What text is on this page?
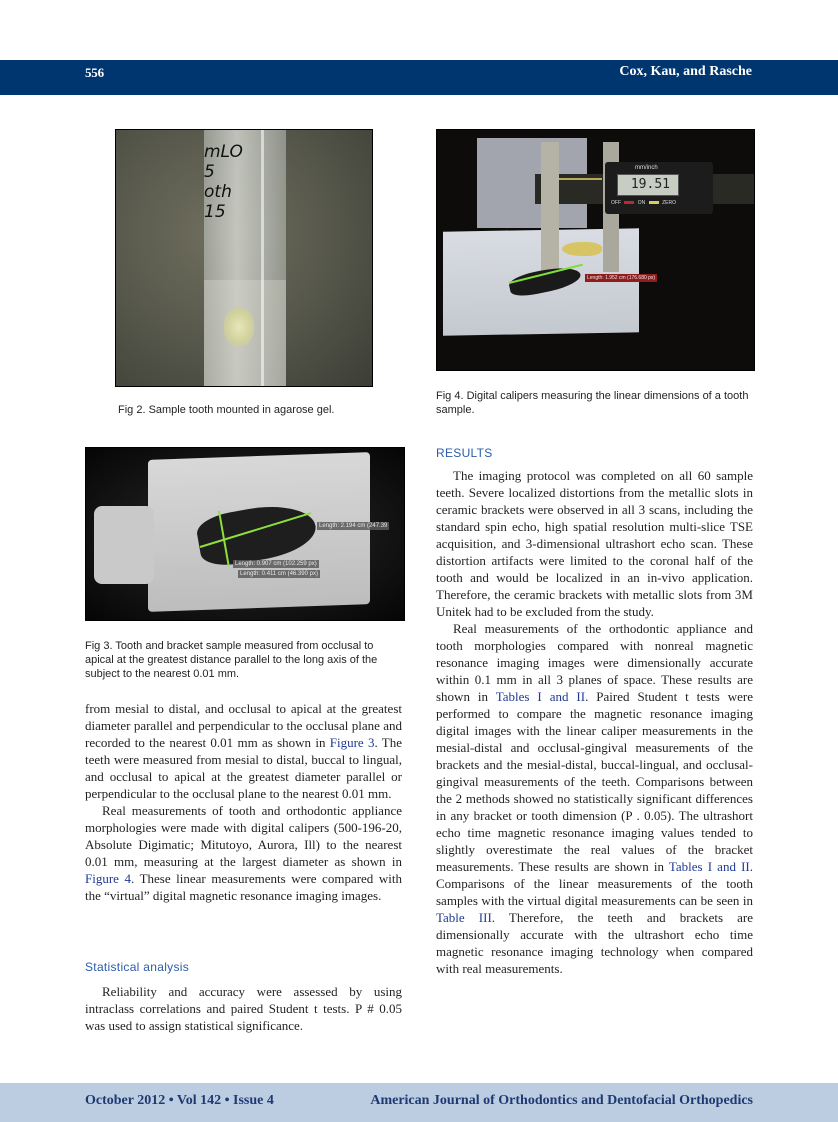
556	Cox, Kau, and Rasche
mLO
5
oth
15
Fig 2. Sample tooth mounted in agarose gel.
mm/inch
19.51
OFF	ON	ZERO
Length: 1.952 cm (176.680 px)
Fig 4. Digital calipers measuring the linear dimensions of a tooth sample.
Length: 2.194 cm (247.39
Length: 0.907 cm (102.259 px)
Length: 0.411 cm (46.390 px)
Fig 3. Tooth and bracket sample measured from occlusal to apical at the greatest distance parallel to the long axis of the subject to the nearest 0.01 mm.

from mesial to distal, and occlusal to apical at the greatest diameter parallel and perpendicular to the occlusal plane and recorded to the nearest 0.01 mm as shown in Figure 3. The teeth were measured from mesial to distal, buccal to lingual, and occlusal to apical at the greatest diameter parallel or perpendicular to the occlusal plane to the nearest 0.01 mm.

Real measurements of tooth and orthodontic appliance morphologies were made with digital calipers (500-196-20, Absolute Digimatic; Mitutoyo, Aurora, Ill) to the nearest 0.01 mm, measuring at the largest diameter as shown in Figure 4. These linear measurements were compared with the “virtual” digital magnetic resonance imaging images.

Statistical analysis

Reliability and accuracy were assessed by using intraclass correlations and paired Student t tests. P # 0.05 was used to assign statistical significance.

RESULTS

The imaging protocol was completed on all 60 sample teeth. Severe localized distortions from the metallic slots in ceramic brackets were observed in all 3 scans, including the standard spin echo, high spatial resolution multi-slice TSE acquisition, and 3-dimensional ultrashort echo scan. These distortion artifacts were limited to the coronal half of the tooth and would be localized in an in-vivo application. Therefore, the ceramic brackets with metallic slots from 3M Unitek had to be excluded from the study.

Real measurements of the orthodontic appliance and tooth morphologies compared with nonreal magnetic resonance imaging images were dimensionally accurate within 0.1 mm in all 3 planes of space. These results are shown in Tables I and II. Paired Student t tests were performed to compare the magnetic resonance imaging digital images with the linear caliper measurements in the mesial-distal and occlusal-gingival measurements of the brackets and the mesial-distal, buccal-lingual, and occlusal-gingival measurements of the teeth. Comparisons between the 2 methods showed no statistically significant differences in any bracket or tooth dimension (P . 0.05). The ultrashort echo time magnetic resonance imaging values tended to slightly overestimate the real values of the bracket measurements. These results are shown in Tables I and II. Comparisons of the linear measurements of the tooth samples with the virtual digital measurements can be seen in Table III. Therefore, the teeth and brackets are dimensionally accurate with the ultrashort echo time magnetic resonance imaging technology when compared with real measurements.

October 2012 • Vol 142 • Issue 4	American Journal of Orthodontics and Dentofacial Orthopedics
